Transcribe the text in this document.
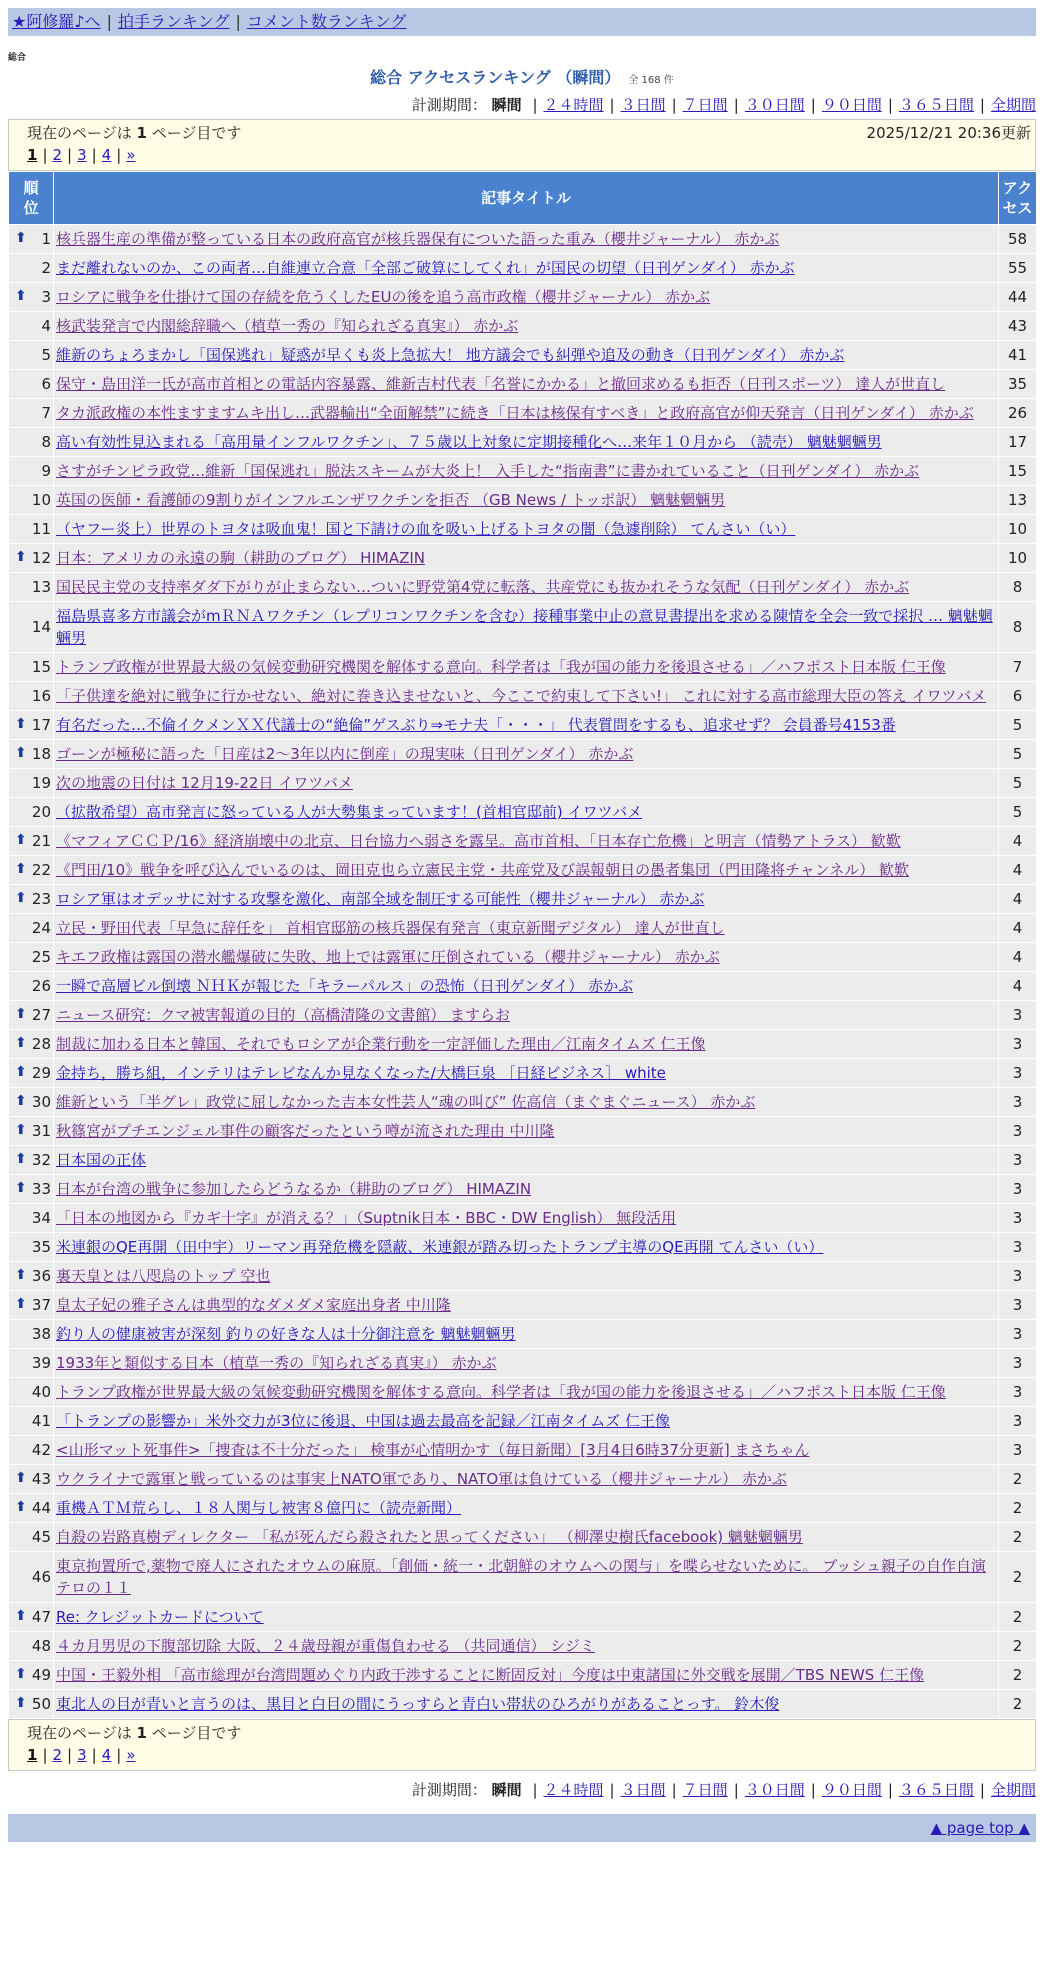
★阿修羅♪へ | 拍手ランキング | コメント数ランキング
総合
総合 アクセスランキング （瞬間） 全 168 件
計測期間： 瞬間 | ２４時間 | ３日間 | ７日間 | ３０日間 | ９０日間 | ３６５日間 | 全期間
現在のページは 1 ページ目です	2025/12/21 20:36更新
1 | 2 | 3 | 4 | »
順位	記事タイトル	アクセス

⬆ 1	核兵器生産の準備が整っている日本の政府高官が核兵器保有についた語った重み（櫻井ジャーナル） 赤かぶ	58
2	まだ離れないのか、この両者…自維連立合意「全部ご破算にしてくれ」が国民の切望（日刊ゲンダイ） 赤かぶ	55

⬆ 3	ロシアに戦争を仕掛けて国の存続を危うくしたEUの後を追う高市政権（櫻井ジャーナル） 赤かぶ	44
4	核武装発言で内閣総辞職へ（植草一秀の『知られざる真実』） 赤かぶ	43
5	維新のちょろまかし「国保逃れ」疑惑が早くも炎上急拡大！ 地方議会でも糾弾や追及の動き（日刊ゲンダイ） 赤かぶ	41
6	保守・島田洋一氏が高市首相との電話内容暴露、維新吉村代表「名誉にかかる」と撤回求めるも拒否（日刊スポーツ） 達人が世直し	35
7	タカ派政権の本性ますますムキ出し…武器輸出“全面解禁”に続き「日本は核保有すべき」と政府高官が仰天発言（日刊ゲンダイ） 赤かぶ	26
8	高い有効性見込まれる「高用量インフルワクチン」、７５歳以上対象に定期接種化へ…来年１０月から （読売） 魑魅魍魎男	17
9	さすがチンピラ政党…維新「国保逃れ」脱法スキームが大炎上！ 入手した“指南書”に書かれていること（日刊ゲンダイ） 赤かぶ	15
10	英国の医師・看護師の9割りがインフルエンザワクチンを拒否 （GB News / トッポ訳） 魑魅魍魎男	13
11	（ヤフー炎上）世界のトヨタは吸血鬼！国と下請けの血を吸い上げるトヨタの闇（急遽削除） てんさい（い）	10

⬆ 12	日本：アメリカの永遠の駒（耕助のブログ） HIMAZIN	10
13	国民民主党の支持率ダダ下がりが止まらない…ついに野党第4党に転落、共産党にも抜かれそうな気配（日刊ゲンダイ） 赤かぶ	8
14	福島県喜多方市議会がmＲＮＡワクチン（レプリコンワクチンを含む）接種事業中止の意見書提出を求める陳情を全会一致で採択 … 魑魅魍魎男	8
15	トランプ政権が世界最大級の気候変動研究機関を解体する意向。科学者は「我が国の能力を後退させる」／ハフポスト日本版 仁王像	7
16	「子供達を絶対に戦争に行かせない、絶対に巻き込ませないと、今ここで約束して下さい!」 これに対する高市総理大臣の答え イワツバメ	6

⬆ 17	有名だった…不倫イクメンＸＸ代議士の“絶倫”ゲスぶり⇒モナ夫「・・・」 代表質問をするも、追求せず？ 会員番号4153番	5

⬆ 18	ゴーンが極秘に語った「日産は2〜3年以内に倒産」の現実味（日刊ゲンダイ） 赤かぶ	5
19	次の地震の日付は 12月19-22日 イワツバメ	5
20	（拡散希望）高市発言に怒っている人が大勢集まっています！(首相官邸前) イワツバメ	5

⬆ 21	《マフィアＣＣＰ/16》経済崩壊中の北京、日台協力へ弱さを露呈。高市首相、「日本存亡危機」と明言（情勢アトラス） 歓歎	4

⬆ 22	《門田/10》戦争を呼び込んでいるのは、岡田克也ら立憲民主党・共産党及び誤報朝日の愚者集団（門田隆将チャンネル） 歓歎	4

⬆ 23	ロシア軍はオデッサに対する攻撃を激化、南部全域を制圧する可能性（櫻井ジャーナル） 赤かぶ	4
24	立民・野田代表「早急に辞任を」 首相官邸筋の核兵器保有発言（東京新聞デジタル） 達人が世直し	4
25	キエフ政権は露国の潜水艦爆破に失敗、地上では露軍に圧倒されている（櫻井ジャーナル） 赤かぶ	4
26	一瞬で高層ビル倒壊 ＮＨＫが報じた「キラーパルス」の恐怖（日刊ゲンダイ） 赤かぶ	4

⬆ 27	ニュース研究：クマ被害報道の目的（高橋清隆の文書館） ますらお	3

⬆ 28	制裁に加わる日本と韓国、それでもロシアが企業行動を一定評価した理由／江南タイムズ 仁王像	3

⬆ 29	金持ち，勝ち組，インテリはテレビなんか見なくなった/大橋巨泉 ［日経ビジネス］ white	3

⬆ 30	維新という「半グレ」政党に屈しなかった吉本女性芸人“魂の叫び” 佐高信（まぐまぐニュース） 赤かぶ	3

⬆ 31	秋篠宮がプチエンジェル事件の顧客だったという噂が流された理由 中川隆	3

⬆ 32	日本国の正体	3

⬆ 33	日本が台湾の戦争に参加したらどうなるか（耕助のブログ） HIMAZIN	3
34	「日本の地図から『カギ十字』が消える？」（Suptnik日本・BBC・DW English） 無段活用	3
35	米連銀のQE再開（田中宇）リーマン再発危機を隠蔽、米連銀が踏み切ったトランプ主導のQE再開 てんさい（い）	3

⬆ 36	裏天皇とは八咫烏のトップ 空也	3

⬆ 37	皇太子妃の雅子さんは典型的なダメダメ家庭出身者 中川隆	3
38	釣り人の健康被害が深刻 釣りの好きな人は十分御注意を 魑魅魍魎男	3
39	1933年と類似する日本（植草一秀の『知られざる真実』） 赤かぶ	3
40	トランプ政権が世界最大級の気候変動研究機関を解体する意向。科学者は「我が国の能力を後退させる」／ハフポスト日本版 仁王像	3
41	「トランプの影響か」米外交力が3位に後退、中国は過去最高を記録／江南タイムズ 仁王像	3
42	<山形マット死事件>「捜査は不十分だった」 検事が心情明かす（毎日新聞）[3月4日6時37分更新] まさちゃん	3

⬆ 43	ウクライナで露軍と戦っているのは事実上NATO軍であり、NATO軍は負けている（櫻井ジャーナル） 赤かぶ	2

⬆ 44	重機ＡＴＭ荒らし、１８人関与し被害８億円に（読売新聞）	2
45	自殺の岩路真樹ディレクター 「私が死んだら殺されたと思ってください」 （柳澤史樹氏facebook) 魑魅魍魎男	2
46	東京拘置所で,薬物で廃人にされたオウムの麻原。「創価・統一・北朝鮮のオウムへの関与」を喋らせないために。 ブッシュ親子の自作自演テロの１１	2

⬆ 47	Re: クレジットカードについて	2
48	４カ月男児の下腹部切除 大阪、２４歳母親が重傷負わせる （共同通信） シジミ	2

⬆ 49	中国・王毅外相 「高市総理が台湾問題めぐり内政干渉することに断固反対」今度は中東諸国に外交戦を展開／TBS NEWS 仁王像	2

⬆ 50	東北人の目が青いと言うのは、黒目と白目の間にうっすらと青白い帯状のひろがりがあることっす。 鈴木俊	2
現在のページは 1 ページ目です
1 | 2 | 3 | 4 | »
計測期間： 瞬間 | ２４時間 | ３日間 | ７日間 | ３０日間 | ９０日間 | ３６５日間 | 全期間
▲ page top ▲
